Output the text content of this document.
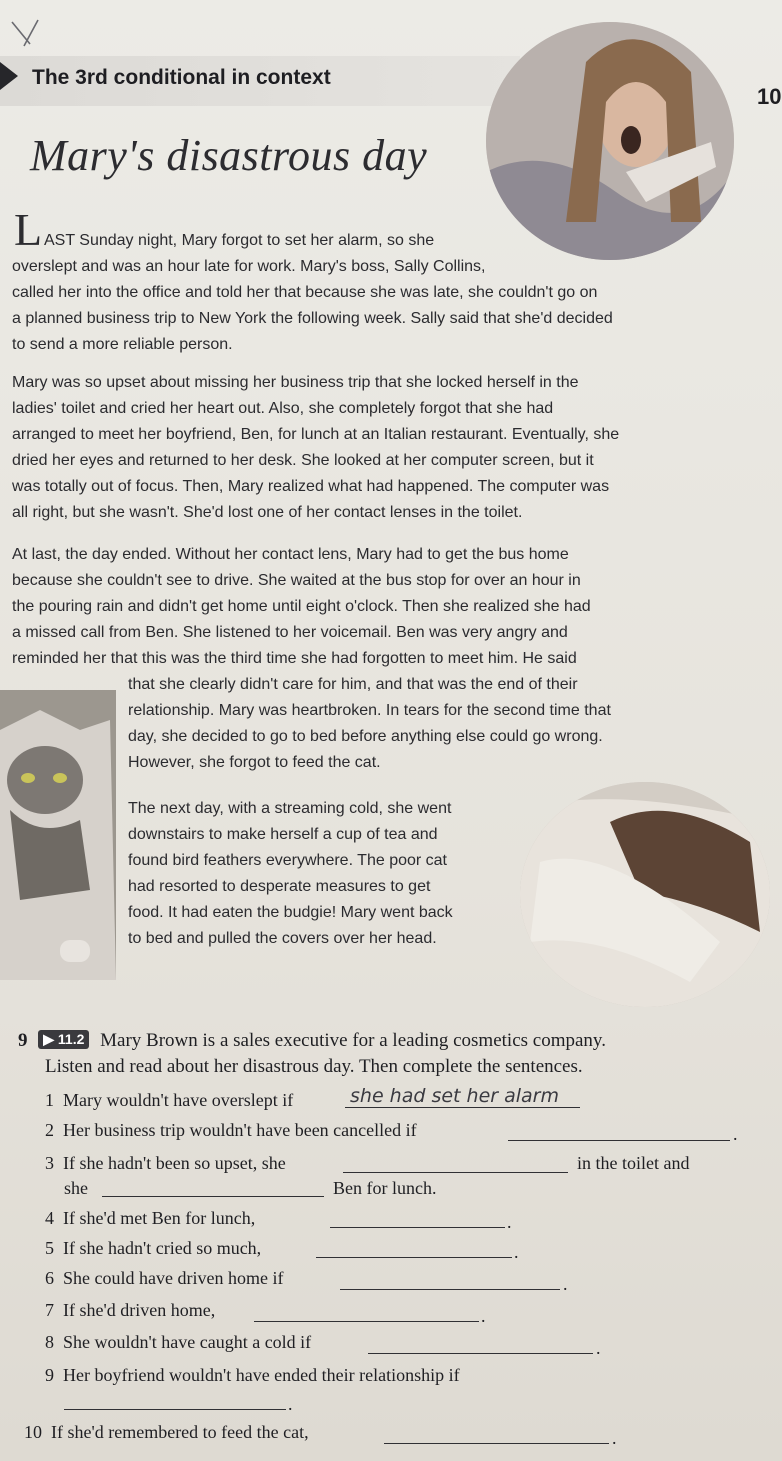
The 3rd conditional in context
10
Mary's disastrous day
L AST Sunday night, Mary forgot to set her alarm, so she
overslept and was an hour late for work. Mary's boss, Sally Collins,
called her into the office and told her that because she was late, she couldn't go on
a planned business trip to New York the following week. Sally said that she'd decided
to send a more reliable person.
Mary was so upset about missing her business trip that she locked herself in the
ladies' toilet and cried her heart out. Also, she completely forgot that she had
arranged to meet her boyfriend, Ben, for lunch at an Italian restaurant. Eventually, she
dried her eyes and returned to her desk. She looked at her computer screen, but it
was totally out of focus. Then, Mary realized what had happened. The computer was
all right, but she wasn't. She'd lost one of her contact lenses in the toilet.
At last, the day ended. Without her contact lens, Mary had to get the bus home
because she couldn't see to drive. She waited at the bus stop for over an hour in
the pouring rain and didn't get home until eight o'clock. Then she realized she had
a missed call from Ben. She listened to her voicemail. Ben was very angry and
reminded her that this was the third time she had forgotten to meet him. He said
that she clearly didn't care for him, and that was the end of their
relationship. Mary was heartbroken. In tears for the second time that
day, she decided to go to bed before anything else could go wrong.
However, she forgot to feed the cat.
The next day, with a streaming cold, she went
downstairs to make herself a cup of tea and
found bird feathers everywhere. The poor cat
had resorted to desperate measures to get
food. It had eaten the budgie! Mary went back
to bed and pulled the covers over her head.
9 ▶ 11.2 Mary Brown is a sales executive for a leading cosmetics company.
Listen and read about her disastrous day. Then complete the sentences.
1 Mary wouldn't have overslept if	she had set her alarm
2 Her business trip wouldn't have been cancelled if	.
3 If she hadn't been so upset, she	in the toilet and
she	Ben for lunch.
4 If she'd met Ben for lunch,	.
5 If she hadn't cried so much,	.
6 She could have driven home if	.
7 If she'd driven home,	.
8 She wouldn't have caught a cold if	.
9 Her boyfriend wouldn't have ended their relationship if
.
10 If she'd remembered to feed the cat,	.
